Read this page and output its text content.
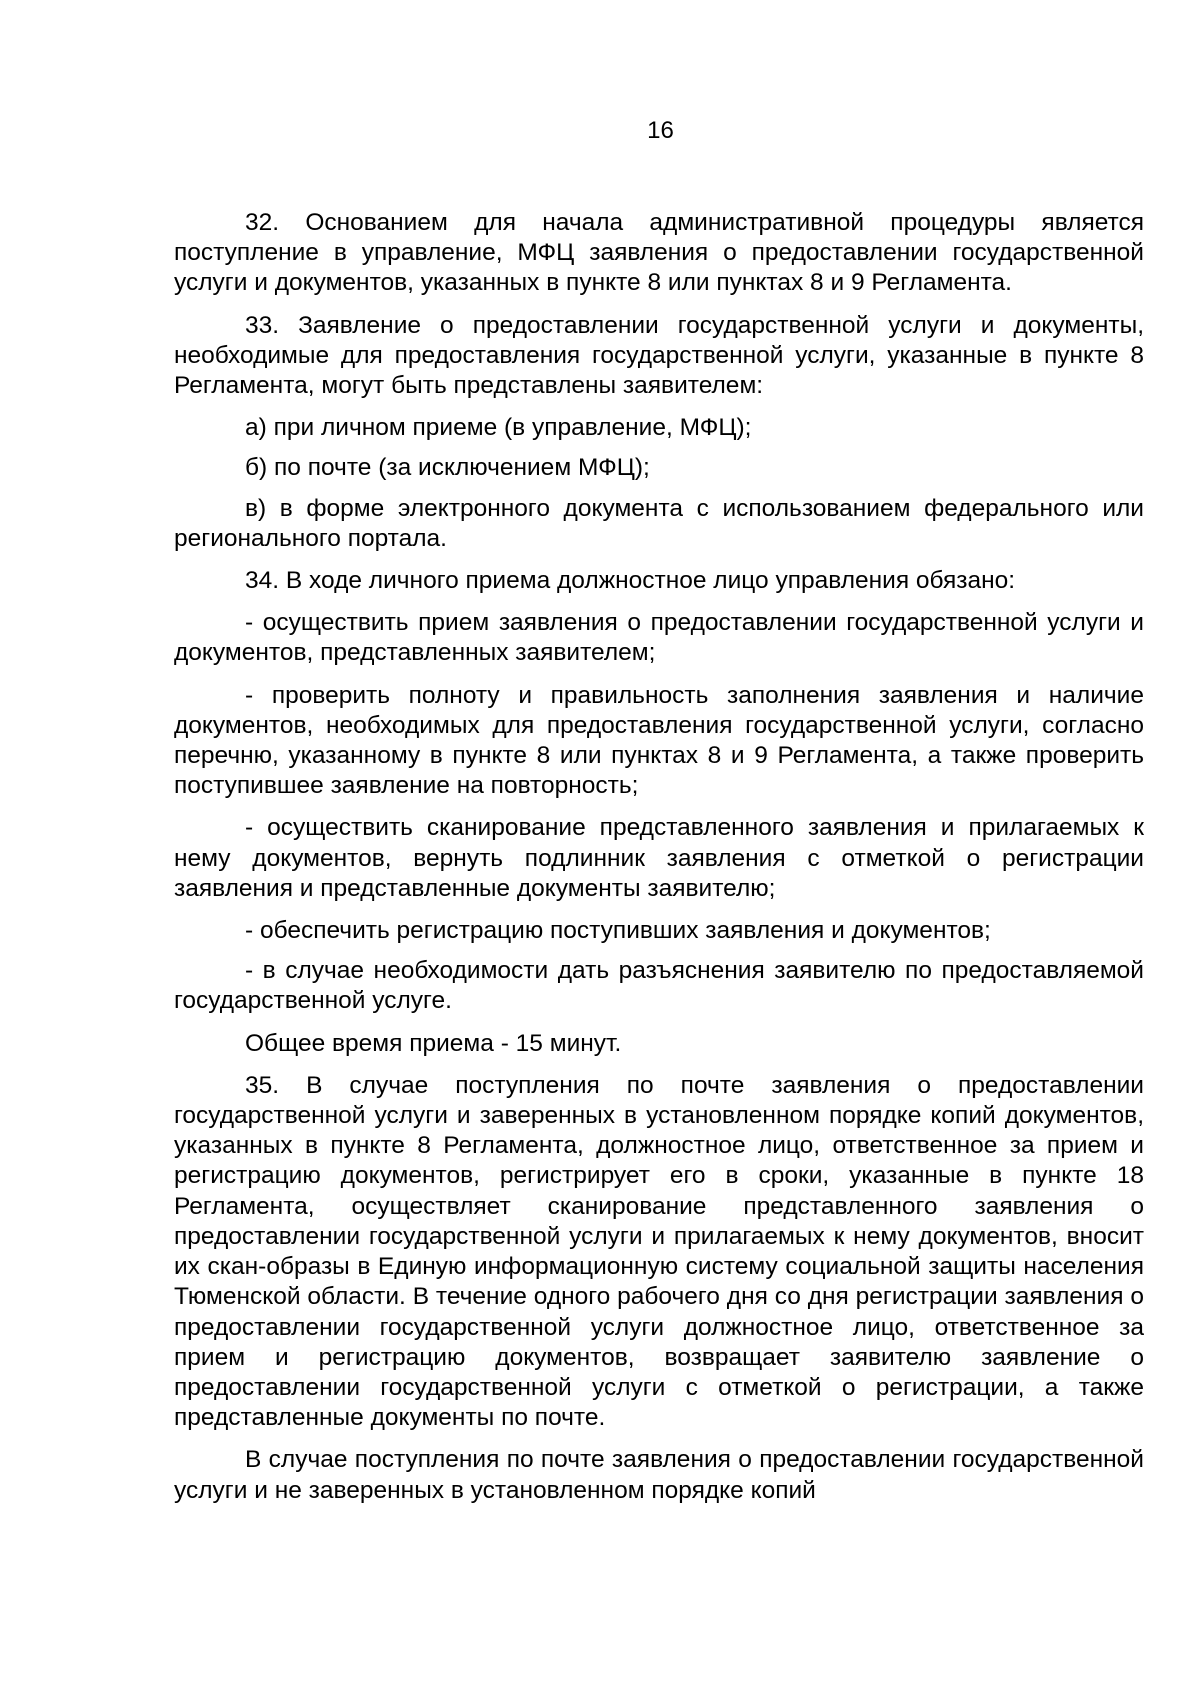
16

32. Основанием для начала административной процедуры является поступление в управление, МФЦ заявления о предоставлении государственной услуги и документов, указанных в пункте 8 или пунктах 8 и 9 Регламента.

33. Заявление о предоставлении государственной услуги и документы, необходимые для предоставления государственной услуги, указанные в пункте 8 Регламента, могут быть представлены заявителем:

а) при личном приеме (в управление, МФЦ);

б) по почте (за исключением МФЦ);

в) в форме электронного документа с использованием федерального или регионального портала.

34. В ходе личного приема должностное лицо управления обязано:

- осуществить прием заявления о предоставлении государственной услуги и документов, представленных заявителем;

- проверить полноту и правильность заполнения заявления и наличие документов, необходимых для предоставления государственной услуги, согласно перечню, указанному в пункте 8 или пунктах 8 и 9 Регламента, а также проверить поступившее заявление на повторность;

- осуществить сканирование представленного заявления и прилагаемых к нему документов, вернуть подлинник заявления с отметкой о регистрации заявления и представленные документы заявителю;

- обеспечить регистрацию поступивших заявления и документов;

- в случае необходимости дать разъяснения заявителю по предоставляемой государственной услуге.

Общее время приема - 15 минут.

35. В случае поступления по почте заявления о предоставлении государственной услуги и заверенных в установленном порядке копий документов, указанных в пункте 8 Регламента, должностное лицо, ответственное за прием и регистрацию документов, регистрирует его в сроки, указанные в пункте 18 Регламента, осуществляет сканирование представленного заявления о предоставлении государственной услуги и прилагаемых к нему документов, вносит их скан-образы в Единую информационную систему социальной защиты населения Тюменской области. В течение одного рабочего дня со дня регистрации заявления о предоставлении государственной услуги должностное лицо, ответственное за прием и регистрацию документов, возвращает заявителю заявление о предоставлении государственной услуги с отметкой о регистрации, а также представленные документы по почте.

В случае поступления по почте заявления о предоставлении государственной услуги и не заверенных в установленном порядке копий
